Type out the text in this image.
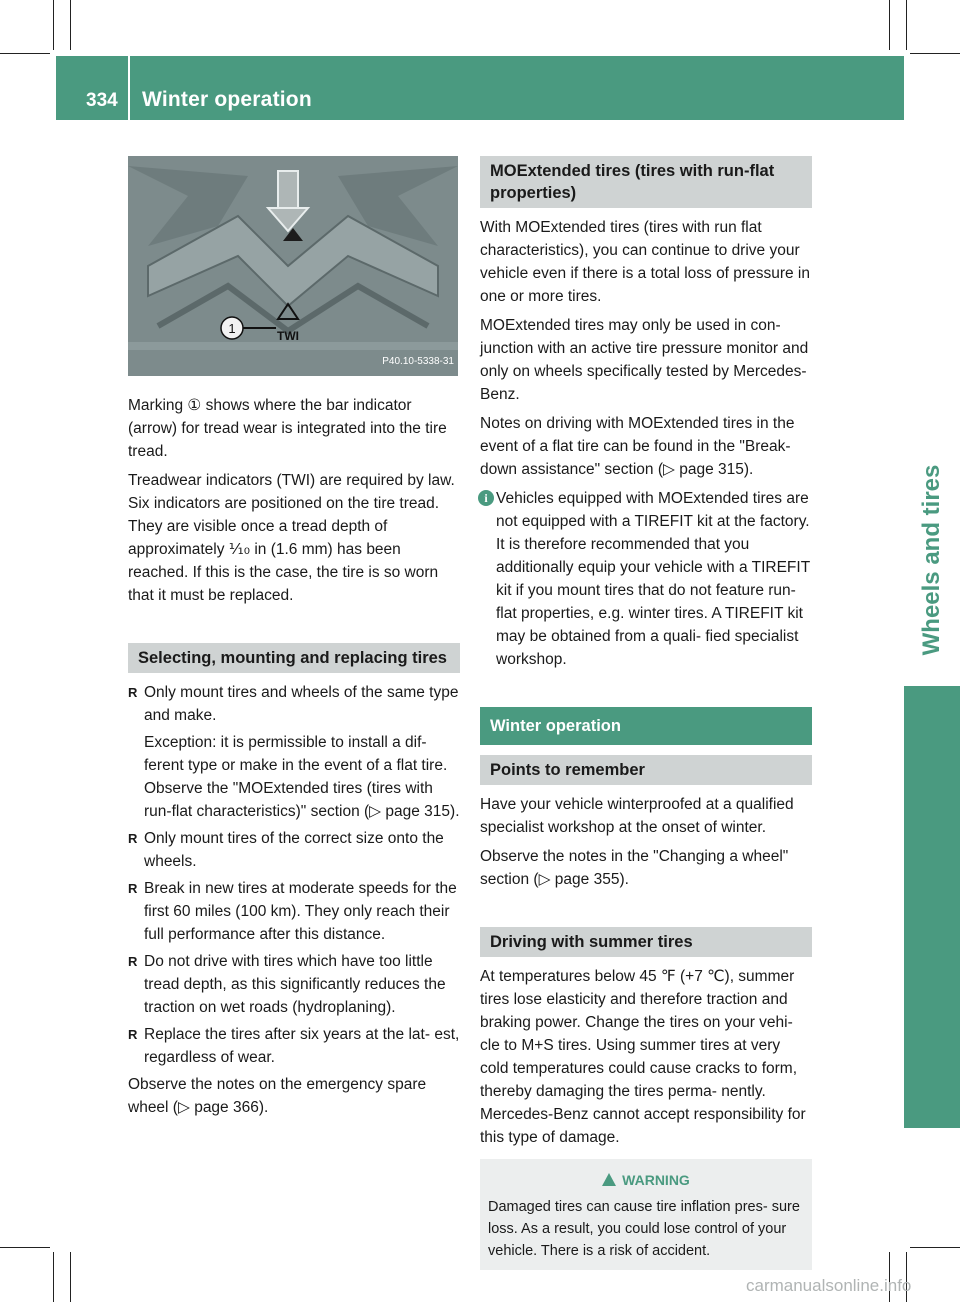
334 Winter operation
Wheels and tires
1	TWI
P40.10-5338-31

Marking ① shows where the bar indicator (arrow) for tread wear is integrated into the tire tread.

Treadwear indicators (TWI) are required by law. Six indicators are positioned on the tire tread. They are visible once a tread depth of approximately ⅒ in (1.6 mm) has been reached. If this is the case, the tire is so worn that it must be replaced.

Selecting, mounting and replacing tires
R Only mount tires and wheels of the same type and make.
Exception: it is permissible to install a dif- ferent type or make in the event of a flat tire. Observe the "MOExtended tires (tires with run-flat characteristics)" section (▷ page 315).
R Only mount tires of the correct size onto the wheels.
R Break in new tires at moderate speeds for the first 60 miles (100 km). They only reach their full performance after this distance.
R Do not drive with tires which have too little tread depth, as this significantly reduces the traction on wet roads (hydroplaning).
R Replace the tires after six years at the lat- est, regardless of wear.

Observe the notes on the emergency spare wheel (▷ page 366).

MOExtended tires (tires with run-flat properties)

With MOExtended tires (tires with run flat characteristics), you can continue to drive your vehicle even if there is a total loss of pressure in one or more tires.

MOExtended tires may only be used in con- junction with an active tire pressure monitor and only on wheels specifically tested by Mercedes-Benz.

Notes on driving with MOExtended tires in the event of a flat tire can be found in the "Break- down assistance" section (▷ page 315).

i Vehicles equipped with MOExtended tires are not equipped with a TIREFIT kit at the factory. It is therefore recommended that you additionally equip your vehicle with a TIREFIT kit if you mount tires that do not feature run-flat properties, e.g. winter tires. A TIREFIT kit may be obtained from a quali- fied specialist workshop.
Winter operation
Points to remember

Have your vehicle winterproofed at a qualified specialist workshop at the onset of winter.

Observe the notes in the "Changing a wheel" section (▷ page 355).

Driving with summer tires

At temperatures below 45 ℉ (+7 ℃), summer tires lose elasticity and therefore traction and braking power. Change the tires on your vehi- cle to M+S tires. Using summer tires at very cold temperatures could cause cracks to form, thereby damaging the tires perma- nently. Mercedes-Benz cannot accept responsibility for this type of damage.

WARNING
Damaged tires can cause tire inflation pres- sure loss. As a result, you could lose control of your vehicle. There is a risk of accident.
carmanualsonline.info
